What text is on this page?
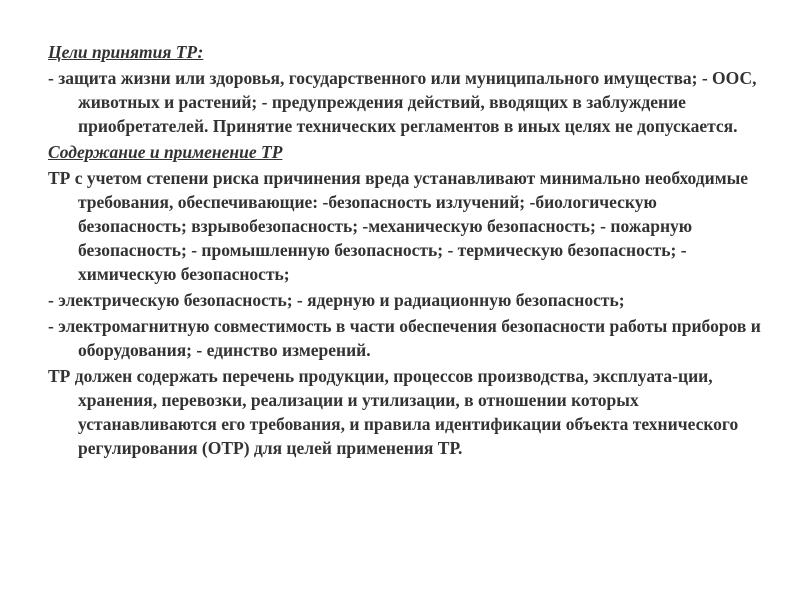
Цели принятия ТР:
- защита жизни или здоровья, государственного или муниципального имущества; - ООС, животных и растений; - предупреждения действий, вводящих в заблуждение приобретателей. Принятие технических регламентов в иных целях не допускается.
Содержание и применение ТР
ТР с учетом степени риска причинения вреда устанавливают минимально необходимые требования, обеспечивающие: -безопасность излучений; -биологическую безопасность; взрывобезопасность; -механическую безопасность; - пожарную безопасность; - промышленную безопасность; - термическую безопасность; - химическую безопасность;
- электрическую безопасность; - ядерную и радиационную безопасность;
- электромагнитную совместимость в части обеспечения безопасности работы приборов и оборудования; - единство измерений.
ТР должен содержать перечень продукции, процессов производства, эксплуата-ции, хранения, перевозки, реализации и утилизации, в отношении которых устанавливаются его требования, и правила идентификации объекта технического регулирования (ОТР) для целей применения ТР.
